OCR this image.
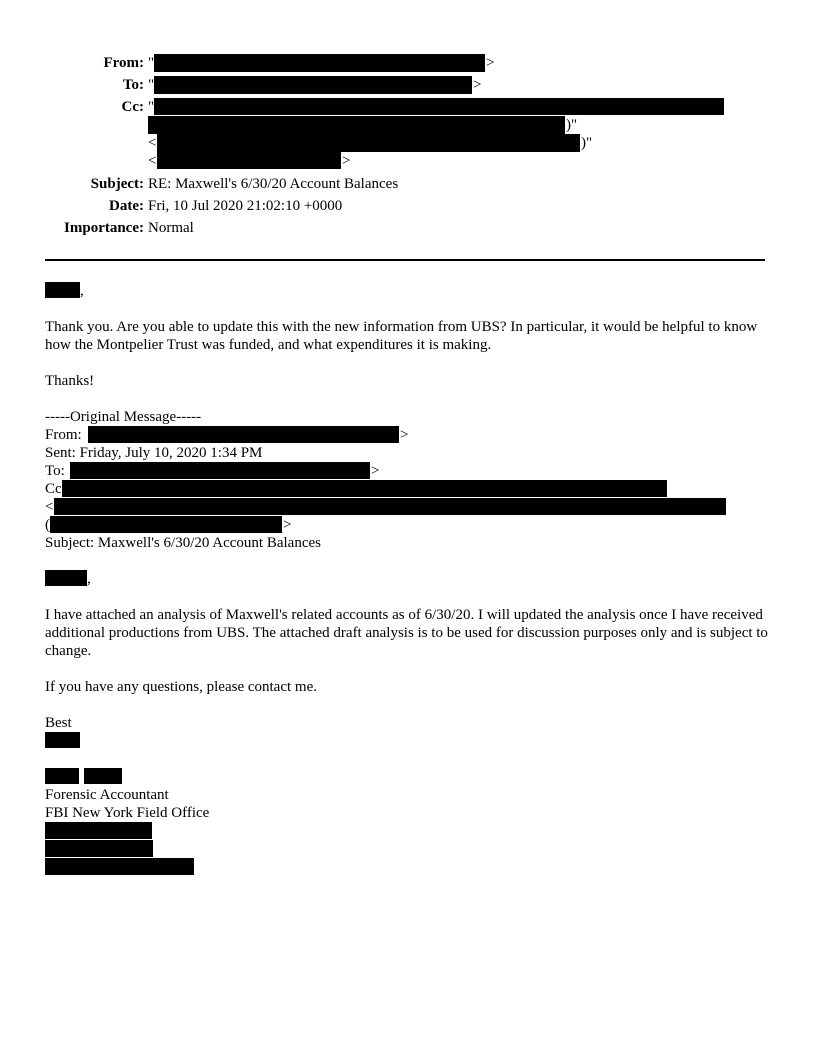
From: "	>
To: "	>
Cc: "
)"
<	)"
<	>
Subject: RE: Maxwell's 6/30/20 Account Balances
Date: Fri, 10 Jul 2020 21:02:10 +0000
Importance: Normal
,
Thank you. Are you able to update this with the new information from UBS? In particular, it would be helpful to know how the Montpelier Trust was funded, and what expenditures it is making.
Thanks!
-----Original Message-----
From:	>
Sent: Friday, July 10, 2020 1:34 PM
To:	>
Cc
<
(	>
Subject: Maxwell's 6/30/20 Account Balances
,
I have attached an analysis of Maxwell's related accounts as of 6/30/20. I will updated the analysis once I have received additional productions from UBS. The attached draft analysis is to be used for discussion purposes only and is subject to change.
If you have any questions, please contact me.
Best
Forensic Accountant
FBI New York Field Office
